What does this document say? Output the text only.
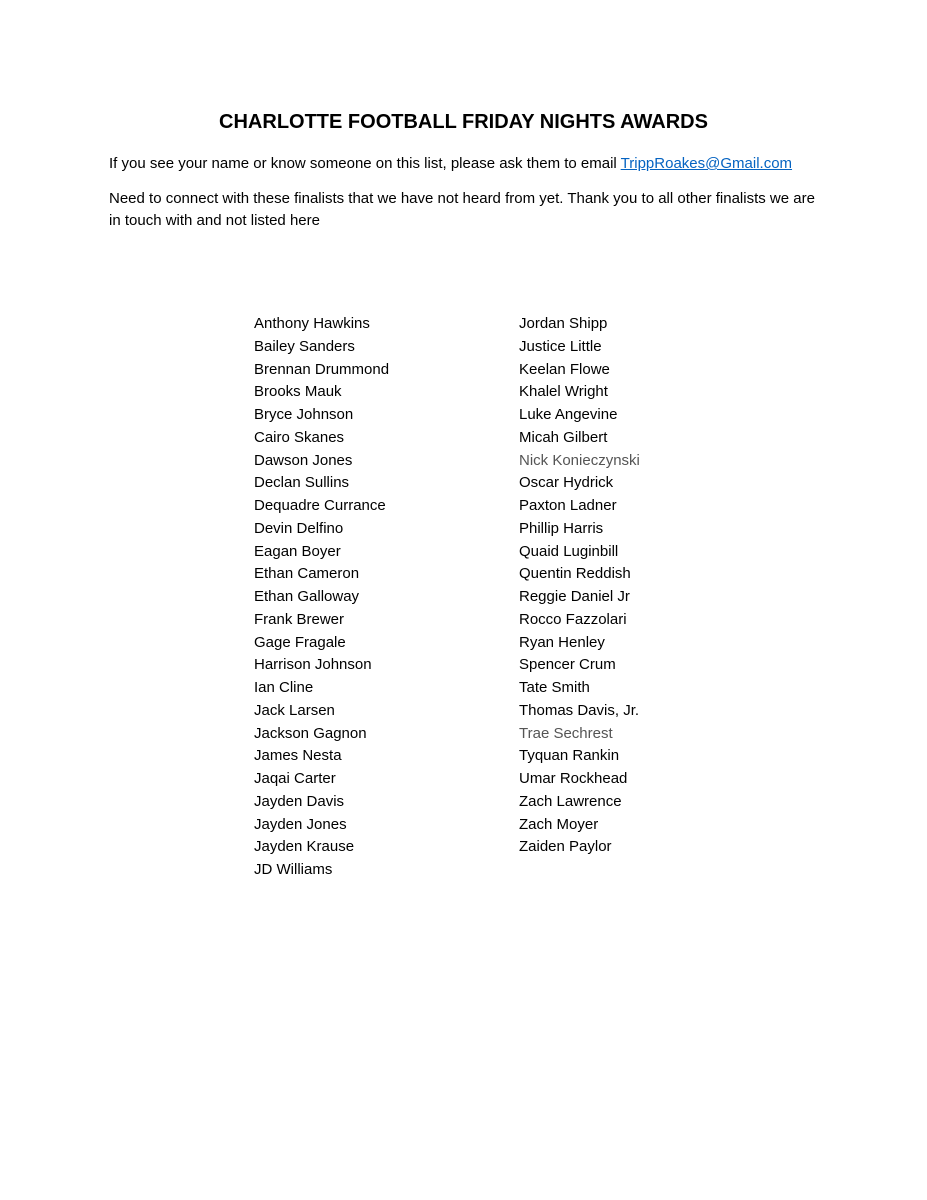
CHARLOTTE FOOTBALL FRIDAY NIGHTS AWARDS
If you see your name or know someone on this list, please ask them to email TrippRoakes@Gmail.com
Need to connect with these finalists that we have not heard from yet. Thank you to all other finalists we are in touch with and not listed here
Anthony Hawkins
Bailey Sanders
Brennan Drummond
Brooks Mauk
Bryce Johnson
Cairo Skanes
Dawson Jones
Declan Sullins
Dequadre Currance
Devin Delfino
Eagan Boyer
Ethan Cameron
Ethan Galloway
Frank Brewer
Gage Fragale
Harrison Johnson
Ian Cline
Jack Larsen
Jackson Gagnon
James Nesta
Jaqai Carter
Jayden Davis
Jayden Jones
Jayden Krause
JD Williams
Jordan Shipp
Justice Little
Keelan Flowe
Khalel Wright
Luke Angevine
Micah Gilbert
Nick Konieczynski
Oscar Hydrick
Paxton Ladner
Phillip Harris
Quaid Luginbill
Quentin Reddish
Reggie Daniel Jr
Rocco Fazzolari
Ryan Henley
Spencer Crum
Tate Smith
Thomas Davis, Jr.
Trae Sechrest
Tyquan Rankin
Umar Rockhead
Zach Lawrence
Zach Moyer
Zaiden Paylor
